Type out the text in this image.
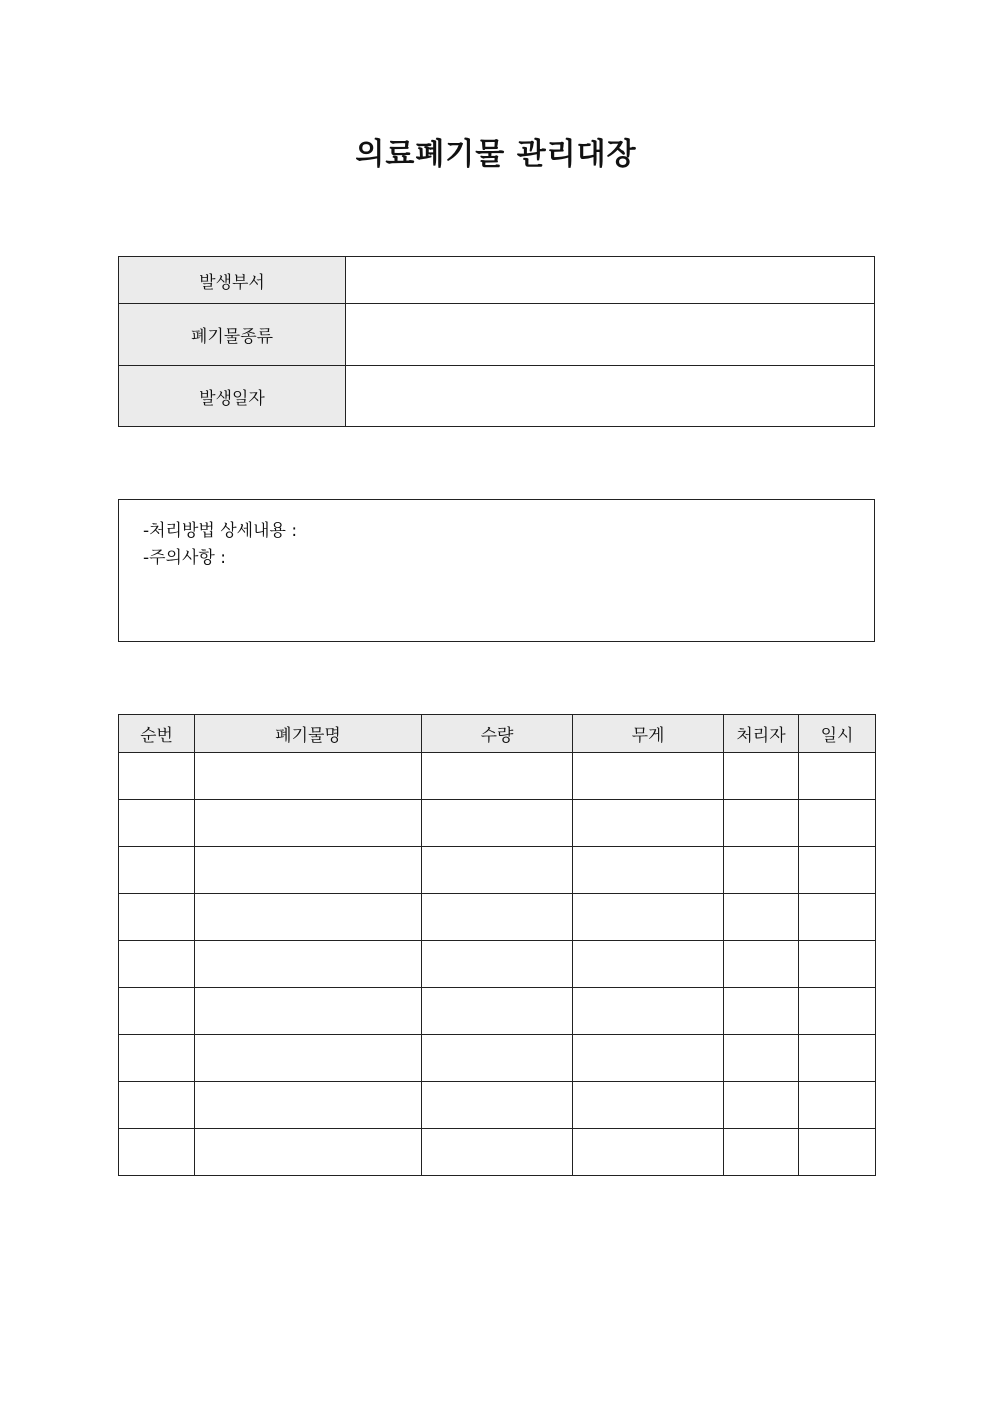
의료폐기물 관리대장
발생부서	
폐기물종류	
발생일자	
-처리방법 상세내용 :
-주의사항 :
순번	폐기물명	수량	무게	처리자	일시
